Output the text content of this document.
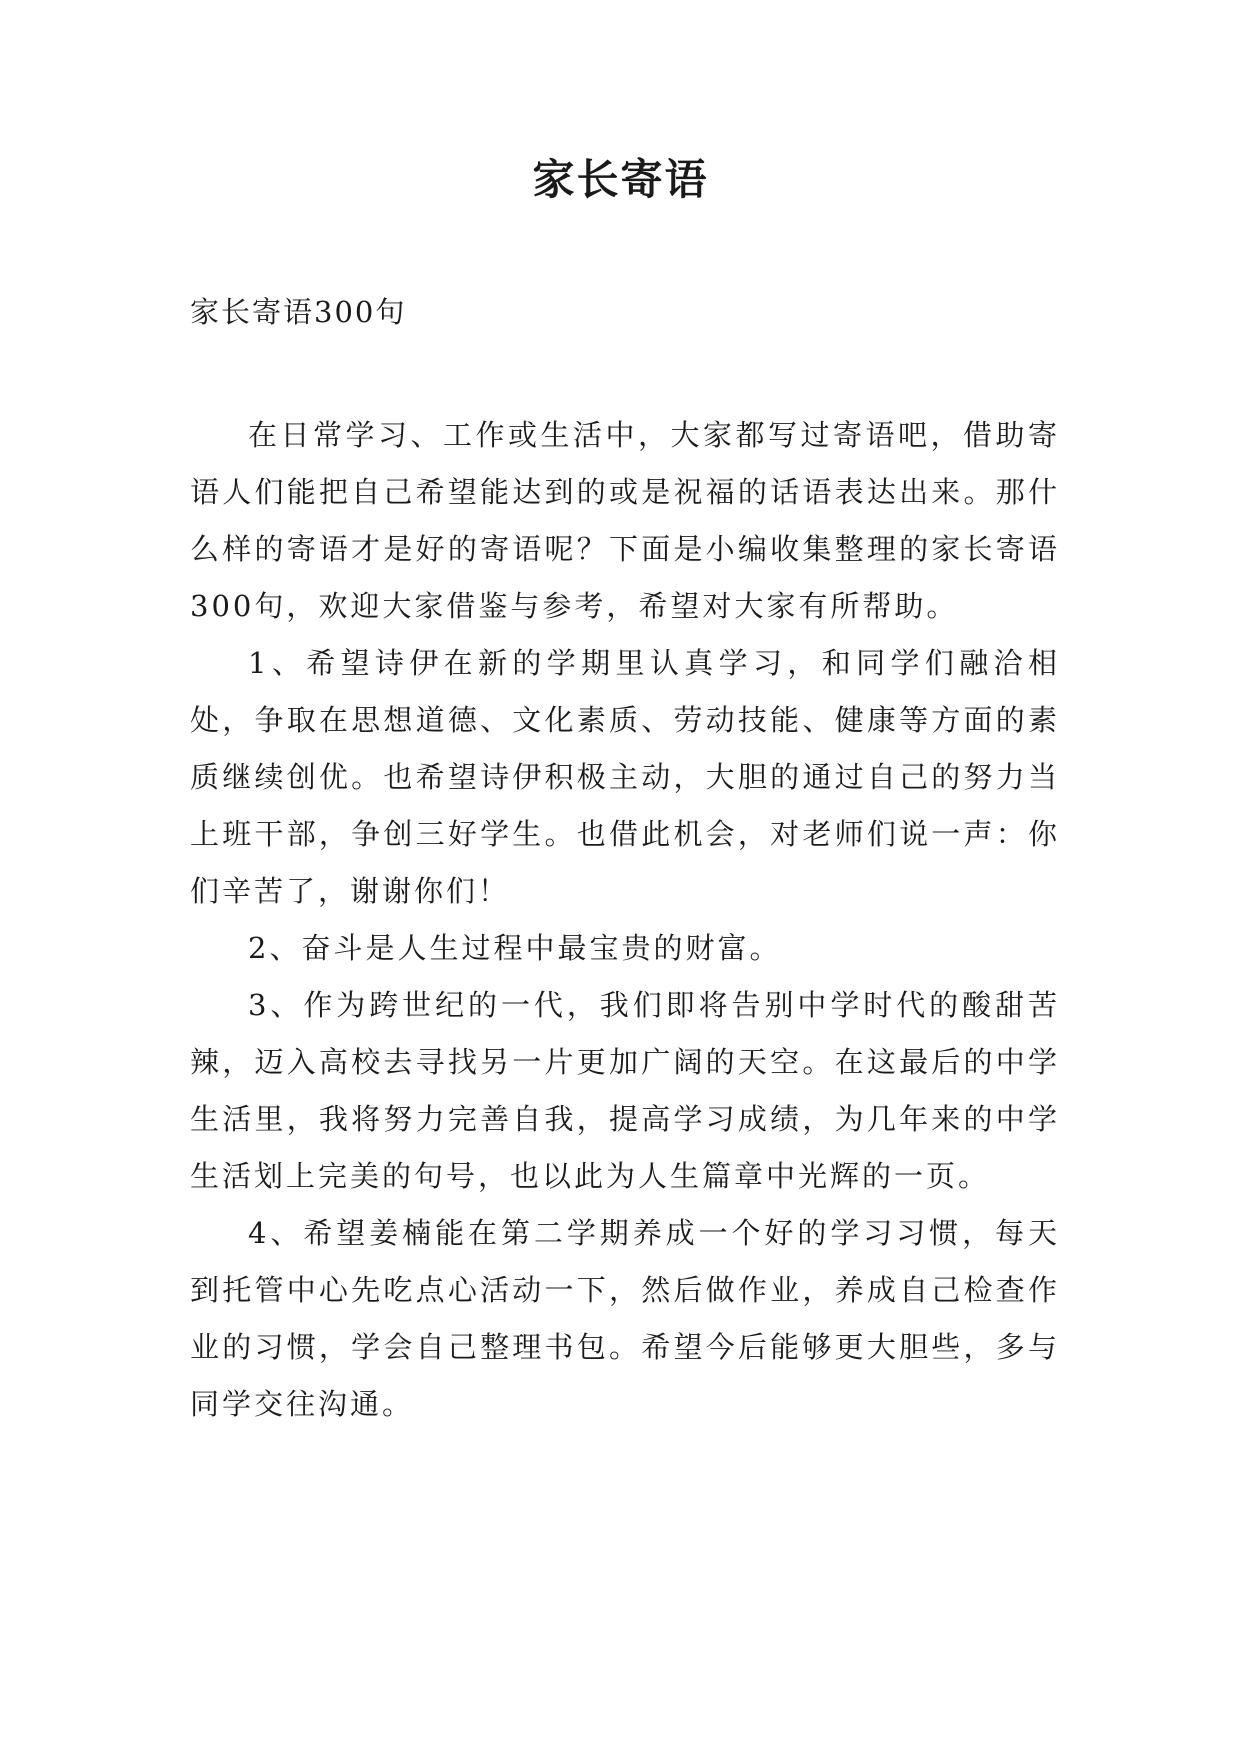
家长寄语

家长寄语300句

在日常学习、工作或生活中，大家都写过寄语吧，借助寄语人们能把自己希望能达到的或是祝福的话语表达出来。那什么样的寄语才是好的寄语呢？下面是小编收集整理的家长寄语300句，欢迎大家借鉴与参考，希望对大家有所帮助。

1、希望诗伊在新的学期里认真学习，和同学们融洽相处，争取在思想道德、文化素质、劳动技能、健康等方面的素质继续创优。也希望诗伊积极主动，大胆的通过自己的努力当上班干部，争创三好学生。也借此机会，对老师们说一声：你们辛苦了，谢谢你们！

2、奋斗是人生过程中最宝贵的财富。

3、作为跨世纪的一代，我们即将告别中学时代的酸甜苦辣，迈入高校去寻找另一片更加广阔的天空。在这最后的中学生活里，我将努力完善自我，提高学习成绩，为几年来的中学生活划上完美的句号，也以此为人生篇章中光辉的一页。

4、希望姜楠能在第二学期养成一个好的学习习惯，每天到托管中心先吃点心活动一下，然后做作业，养成自己检查作业的习惯，学会自己整理书包。希望今后能够更大胆些，多与同学交往沟通。
